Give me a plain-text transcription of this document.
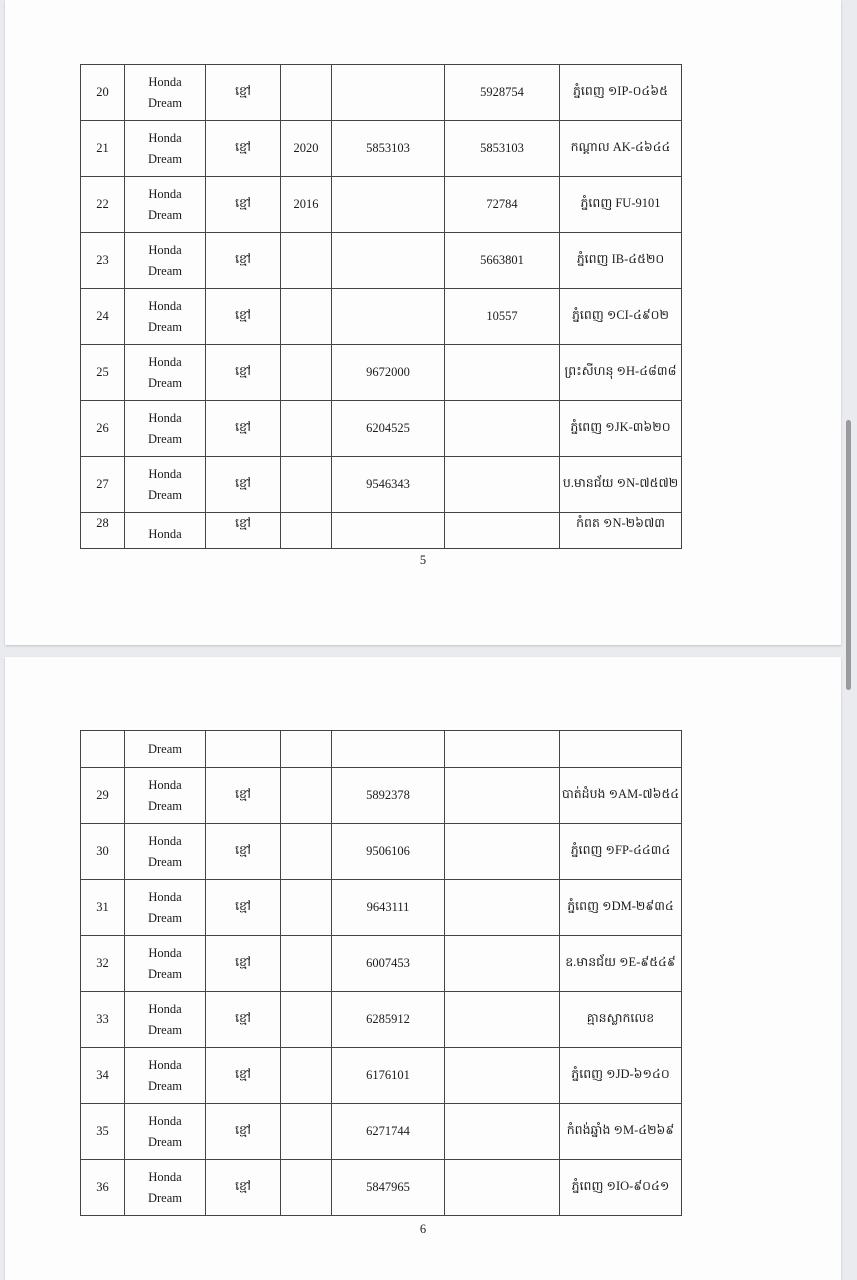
20	Honda
Dream	ខ្មៅ			5928754	ភ្នំពេញ ១IP-០៤៦៥
21	Honda
Dream	ខ្មៅ	2020	5853103	5853103	កណ្តាល AK-៤៦៤៤
22	Honda
Dream	ខ្មៅ	2016		72784	ភ្នំពេញ FU-9101
23	Honda
Dream	ខ្មៅ			5663801	ភ្នំពេញ IB-៤៥២០
24	Honda
Dream	ខ្មៅ			10557	ភ្នំពេញ ១CI-៤៩០២
25	Honda
Dream	ខ្មៅ		9672000		ព្រះសីហនុ ១H-៤៨៣៨
26	Honda
Dream	ខ្មៅ		6204525		ភ្នំពេញ ១JK-៣៦២០
27	Honda
Dream	ខ្មៅ		9546343		ប.មានជ័យ ១N-៧៥៧២
28	Honda	ខ្មៅ				កំពត ១N-២៦៧៣
5

	Dream					

29	Honda
Dream	ខ្មៅ		5892378		បាត់ដំបង ១AM-៧៦៥៤
30	Honda
Dream	ខ្មៅ		9506106		ភ្នំពេញ ១FP-៤៤៣៤
31	Honda
Dream	ខ្មៅ		9643111		ភ្នំពេញ ១DM-២៩៣៤
32	Honda
Dream	ខ្មៅ		6007453		ឧ.មានជ័យ ១E-៩៥៤៩
33	Honda
Dream	ខ្មៅ		6285912		គ្មានស្លាកលេខ
34	Honda
Dream	ខ្មៅ		6176101		ភ្នំពេញ ១JD-៦១៤០
35	Honda
Dream	ខ្មៅ		6271744		កំពង់ឆ្នាំង ១M-៤២៦៩
36	Honda
Dream	ខ្មៅ		5847965		ភ្នំពេញ ១IO-៩០៤១
6
